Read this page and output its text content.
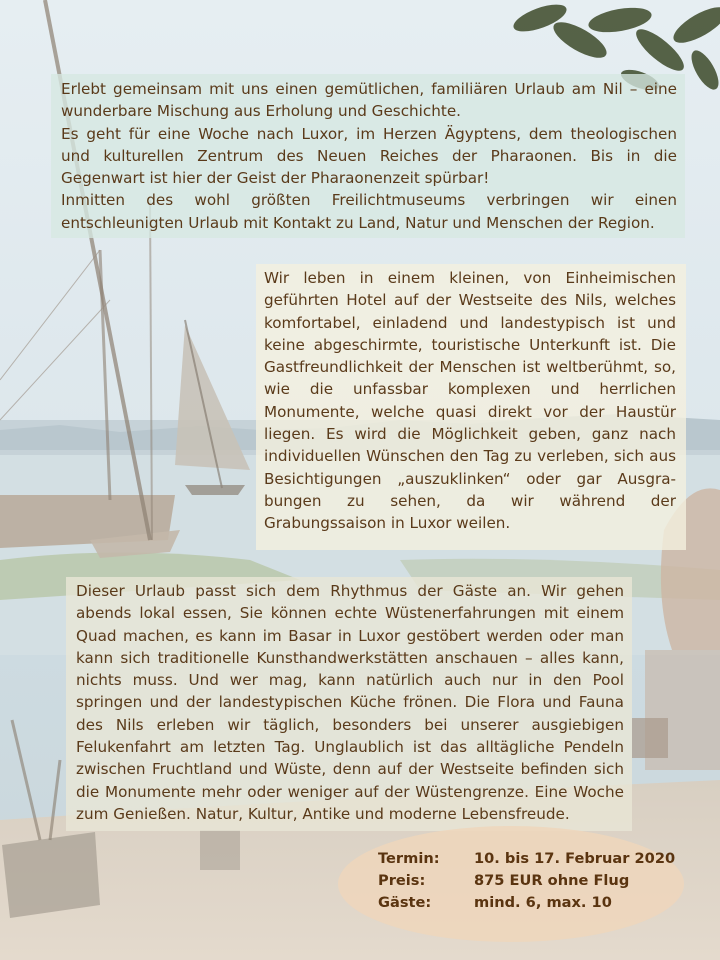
Erlebt gemeinsam mit uns einen gemütlichen, familiären Urlaub am Nil – eine wunderbare Mischung aus Erholung und Geschichte.

Es geht für eine Woche nach Luxor, im Herzen Ägyptens, dem theologischen und kulturellen Zentrum des Neuen Reiches der Pharaonen. Bis in die Gegenwart ist hier der Geist der Pharaonenzeit spürbar!

Inmitten des wohl größten Freilichtmuseums verbringen wir einen entschleunigten Urlaub mit Kontakt zu Land, Natur und Menschen der Region.

Wir leben in einem kleinen, von Einheimischen geführten Hotel auf der Westseite des Nils, welches komfortabel, einladend und landestypisch ist und keine abgeschirmte, touristische Unterkunft ist. Die Gastfreundlichkeit der Menschen ist weltberühmt, so, wie die unfassbar komplexen und herrlichen Monumente, welche quasi direkt vor der Haustür liegen. Es wird die Möglichkeit geben, ganz nach individuellen Wünschen den Tag zu verleben, sich aus Besichtigungen „auszuklinken“ oder gar Ausgra-bungen zu sehen, da wir während der Grabungssaison in Luxor weilen.

Dieser Urlaub passt sich dem Rhythmus der Gäste an. Wir gehen abends lokal essen, Sie können echte Wüstenerfahrungen mit einem Quad machen, es kann im Basar in Luxor gestöbert werden oder man kann sich traditionelle Kunsthandwerkstätten anschauen – alles kann, nichts muss. Und wer mag, kann natürlich auch nur in den Pool springen und der landestypischen Küche frönen. Die Flora und Fauna des Nils erleben wir täglich, besonders bei unserer ausgiebigen Felukenfahrt am letzten Tag. Unglaublich ist das alltägliche Pendeln zwischen Fruchtland und Wüste, denn auf der Westseite befinden sich die Monumente mehr oder weniger auf der Wüstengrenze. Eine Woche zum Genießen. Natur, Kultur, Antike und moderne Lebensfreude.

Termin: 10. bis 17. Februar 2020
Preis:	875 EUR ohne Flug
Gäste:	mind. 6, max. 10
